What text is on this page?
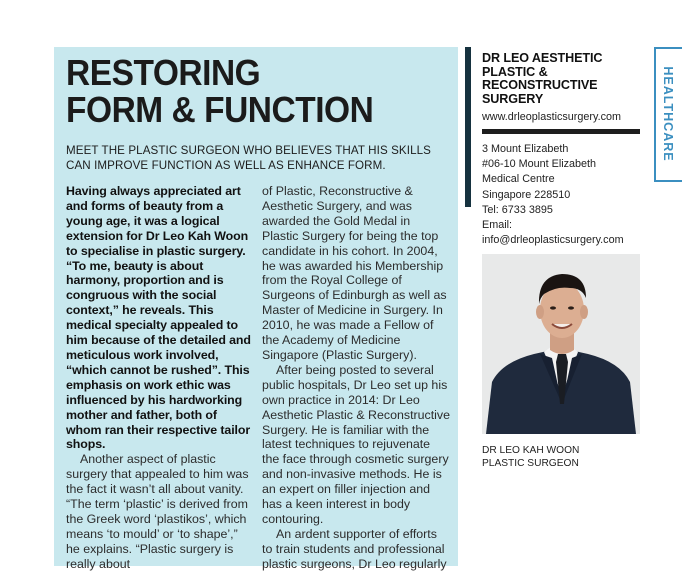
RESTORING
FORM & FUNCTION
MEET THE PLASTIC SURGEON WHO BELIEVES THAT HIS SKILLS CAN IMPROVE FUNCTION AS WELL AS ENHANCE FORM.

Having always appreciated art and forms of beauty from a young age, it was a logical extension for Dr Leo Kah Woon to specialise in plastic surgery. “To me, beauty is about harmony, proportion and is congruous with the social context,” he reveals. This medical specialty appealed to him because of the detailed and meticulous work involved, “which cannot be rushed”. This emphasis on work ethic was influenced by his hardworking mother and father, both of whom ran their respective tailor shops.

Another aspect of plastic surgery that appealed to him was the fact it wasn’t all about vanity. “The term ‘plastic’ is derived from the Greek word ‘plastikos’, which means ‘to mould’ or ‘to shape’,” he explains. “Plastic surgery is really about

of Plastic, Reconstructive & Aesthetic Surgery, and was awarded the Gold Medal in Plastic Surgery for being the top candidate in his cohort. In 2004, he was awarded his Membership from the Royal College of Surgeons of Edinburgh as well as Master of Medicine in Surgery. In 2010, he was made a Fellow of the Academy of Medicine Singapore (Plastic Surgery).

After being posted to several public hospitals, Dr Leo set up his own practice in 2014: Dr Leo Aesthetic Plastic & Reconstructive Surgery. He is familiar with the latest techniques to rejuvenate the face through cosmetic surgery and non-invasive methods. He is an expert on filler injection and has a keen interest in body contouring.

An ardent supporter of efforts to train students and professional plastic surgeons, Dr Leo regularly

DR LEO AESTHETIC PLASTIC & RECONSTRUCTIVE SURGERY
www.drleoplasticsurgery.com
3 Mount Elizabeth
#06-10 Mount Elizabeth
Medical Centre
Singapore 228510
Tel: 6733 3895
Email:
info@drleoplasticsurgery.com
HEALTHCARE
DR LEO KAH WOON
PLASTIC SURGEON
